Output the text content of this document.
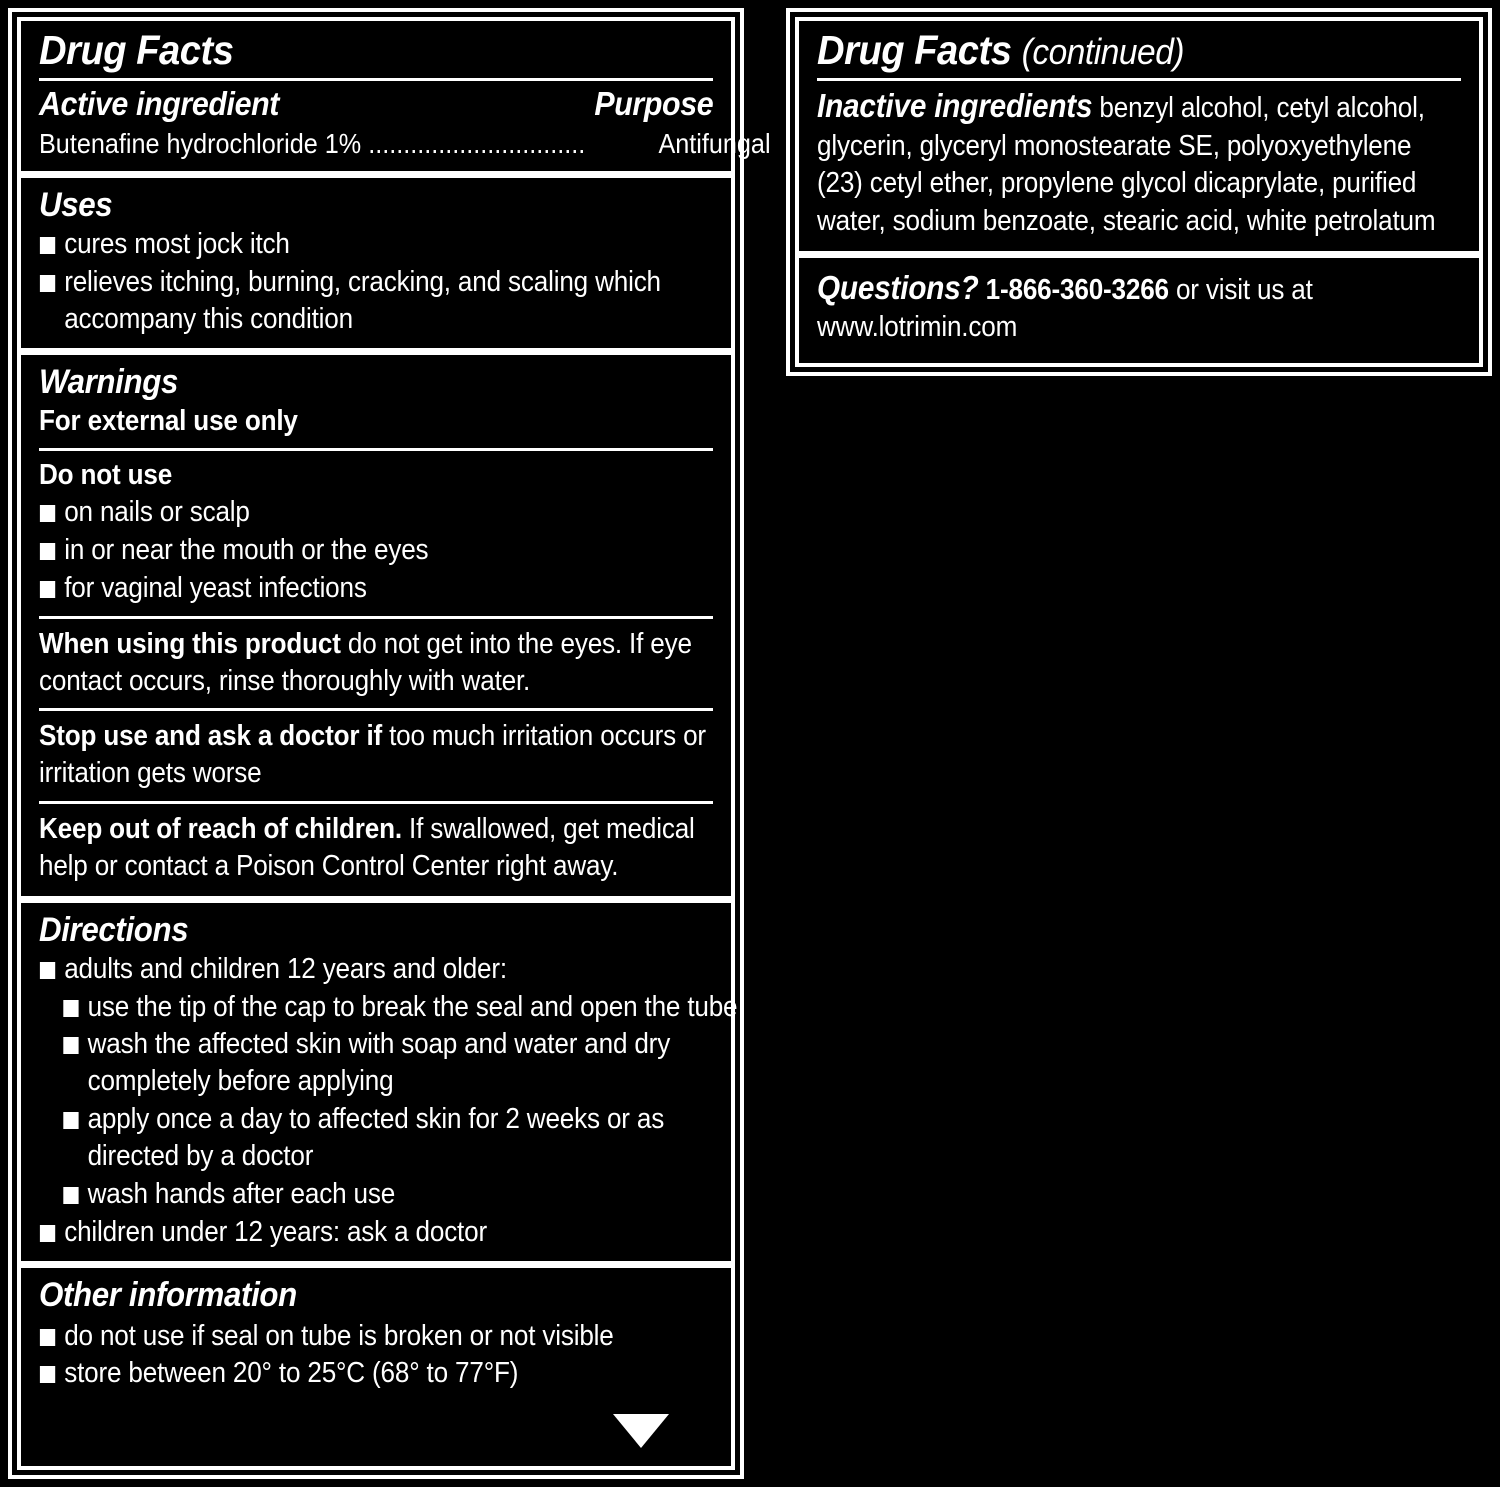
Drug Facts
Active ingredient	Purpose
Butenafine hydrochloride 1% ...............................	Antifungal
Uses
cures most jock itch
relieves itching, burning, cracking, and scaling which accompany this condition
Warnings
For external use only
Do not use
on nails or scalp
in or near the mouth or the eyes
for vaginal yeast infections
When using this product do not get into the eyes. If eye contact occurs, rinse thoroughly with water.
Stop use and ask a doctor if too much irritation occurs or irritation gets worse
Keep out of reach of children. If swallowed, get medical help or contact a Poison Control Center right away.
Directions
adults and children 12 years and older:
use the tip of the cap to break the seal and open the tube
wash the affected skin with soap and water and dry completely before applying
apply once a day to affected skin for 2 weeks or as directed by a doctor
wash hands after each use
children under 12 years: ask a doctor
Other information
do not use if seal on tube is broken or not visible
store between 20° to 25°C (68° to 77°F)
Drug Facts (continued)
Inactive ingredients benzyl alcohol, cetyl alcohol, glycerin, glyceryl monostearate SE, polyoxyethylene (23) cetyl ether, propylene glycol dicaprylate, purified water, sodium benzoate, stearic acid, white petrolatum
Questions? 1-866-360-3266 or visit us at
www.lotrimin.com
